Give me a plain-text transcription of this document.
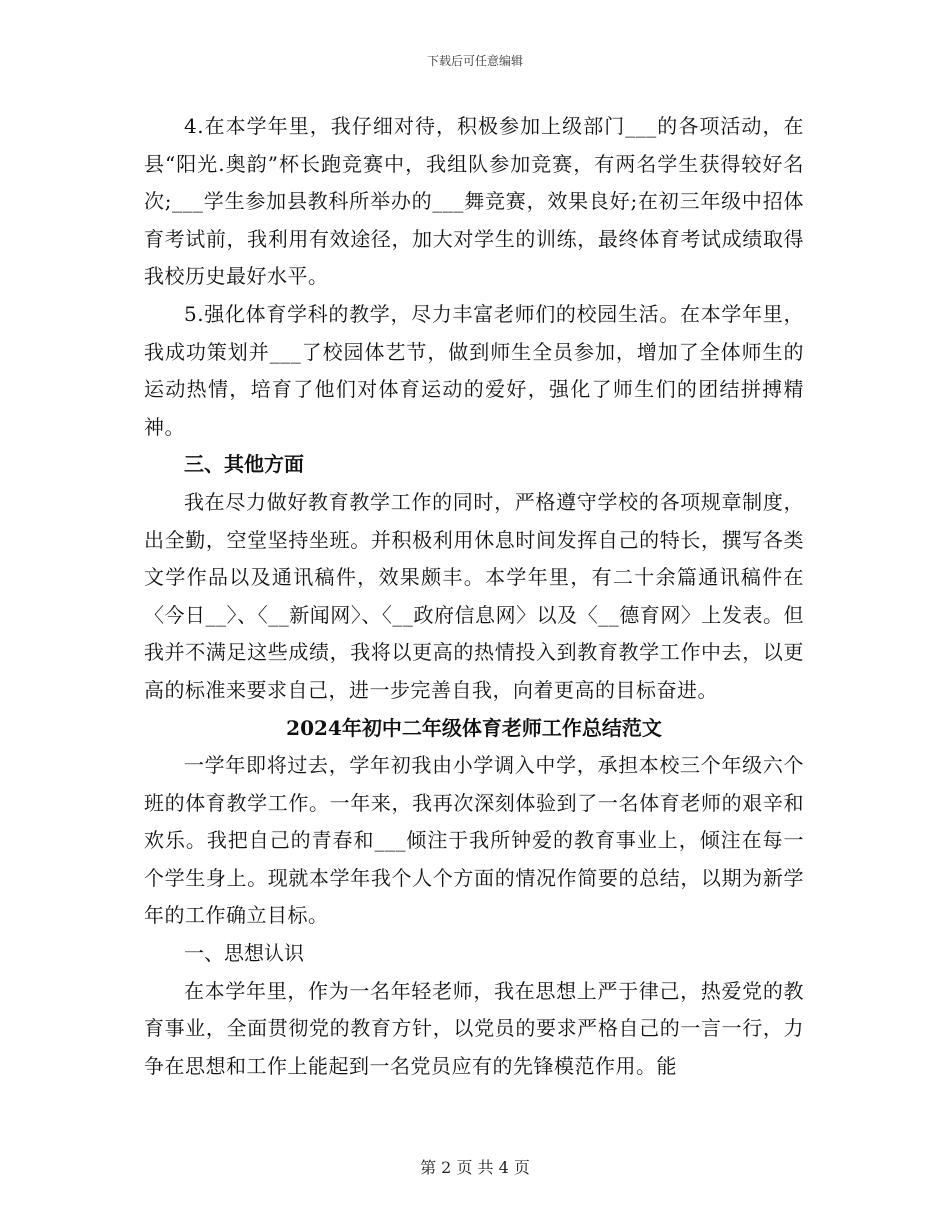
下载后可任意编辑

4.在本学年里，我仔细对待，积极参加上级部门___的各项活动，在县“阳光.奥韵”杯长跑竞赛中，我组队参加竞赛，有两名学生获得较好名次;___学生参加县教科所举办的___舞竞赛，效果良好;在初三年级中招体育考试前，我利用有效途径，加大对学生的训练，最终体育考试成绩取得我校历史最好水平。

5.强化体育学科的教学，尽力丰富老师们的校园生活。在本学年里，我成功策划并___了校园体艺节，做到师生全员参加，增加了全体师生的运动热情，培育了他们对体育运动的爱好，强化了师生们的团结拼搏精神。

三、其他方面

我在尽力做好教育教学工作的同时，严格遵守学校的各项规章制度，出全勤，空堂坚持坐班。并积极利用休息时间发挥自己的特长，撰写各类文学作品以及通讯稿件，效果颇丰。本学年里，有二十余篇通讯稿件在〈今日__〉、〈__新闻网〉、〈__政府信息网〉以及〈__德育网〉上发表。但我并不满足这些成绩，我将以更高的热情投入到教育教学工作中去，以更高的标准来要求自己，进一步完善自我，向着更高的目标奋进。

2024年初中二年级体育老师工作总结范文

一学年即将过去，学年初我由小学调入中学，承担本校三个年级六个班的体育教学工作。一年来，我再次深刻体验到了一名体育老师的艰辛和欢乐。我把自己的青春和___倾注于我所钟爱的教育事业上，倾注在每一个学生身上。现就本学年我个人个方面的情况作简要的总结，以期为新学年的工作确立目标。

一、思想认识

在本学年里，作为一名年轻老师，我在思想上严于律己，热爱党的教育事业，全面贯彻党的教育方针，以党员的要求严格自己的一言一行，力争在思想和工作上能起到一名党员应有的先锋模范作用。能

第 2 页 共 4 页
